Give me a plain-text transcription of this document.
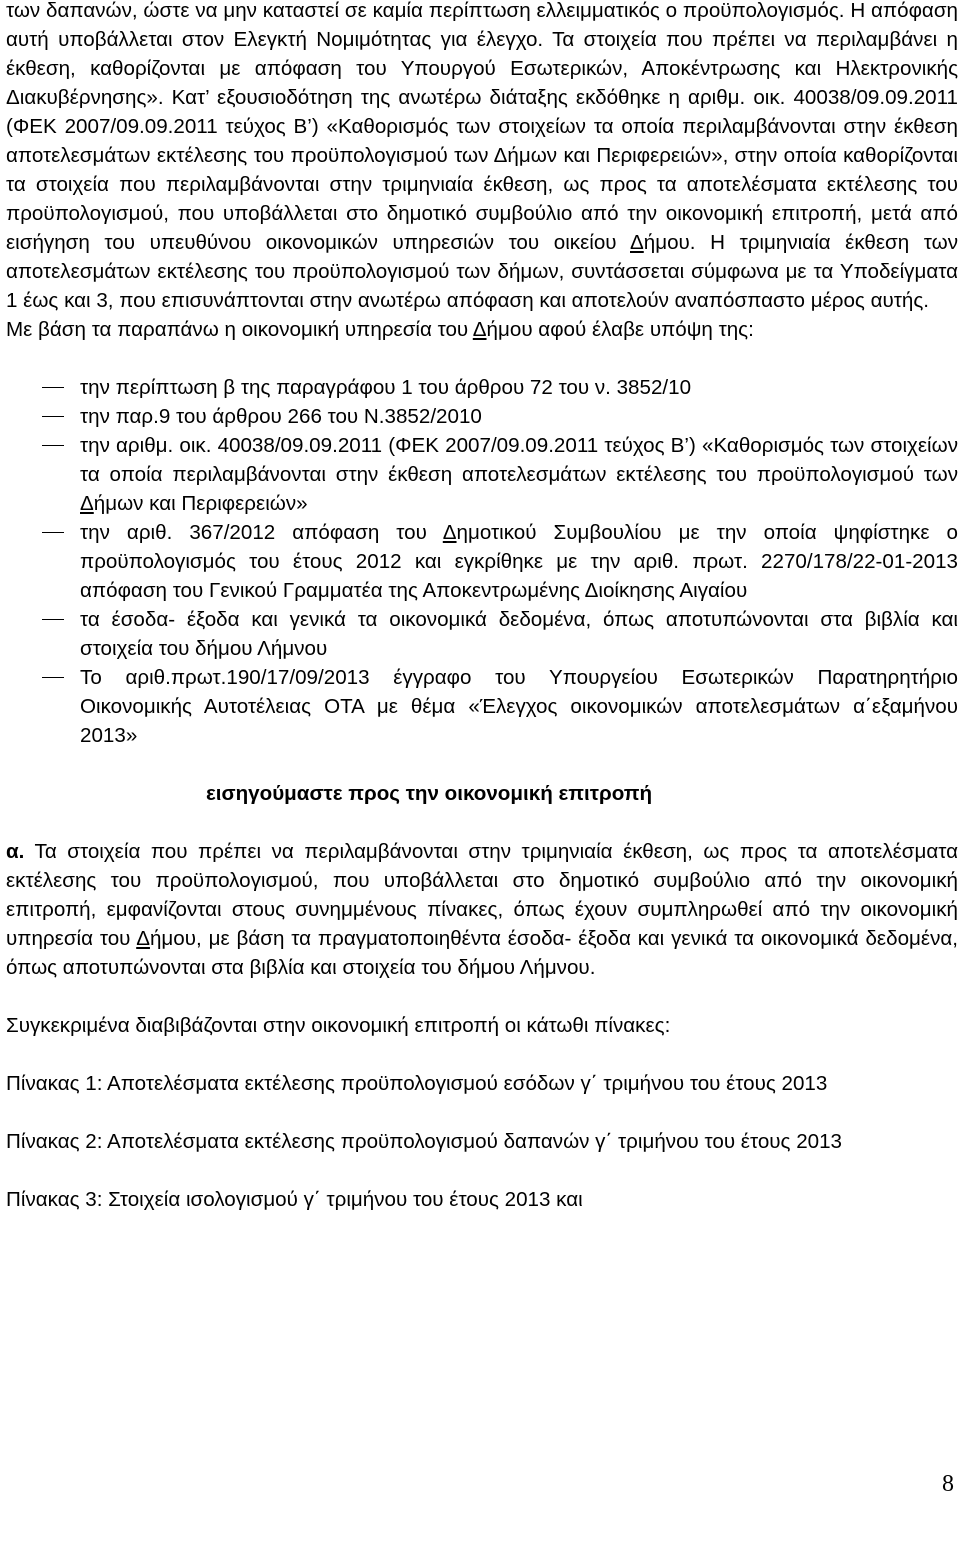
των δαπανών, ώστε να μην καταστεί σε καμία περίπτωση ελλειμματικός ο προϋπολογισμός. Η απόφαση αυτή υποβάλλεται στον Ελεγκτή Νομιμότητας για έλεγχο. Τα στοιχεία που πρέπει να περιλαμβάνει η έκθεση, καθορίζονται με απόφαση του Υπουργού Εσωτερικών, Αποκέντρωσης και Ηλεκτρονικής Διακυβέρνησης». Κατ’ εξουσιοδότηση της ανωτέρω διάταξης εκδόθηκε η αριθμ. οικ. 40038/09.09.2011 (ΦΕΚ 2007/09.09.2011 τεύχος Β’) «Καθορισμός των στοιχείων τα οποία περιλαμβάνονται στην έκθεση αποτελεσμάτων εκτέλεσης του προϋπολογισμού των Δήμων και Περιφερειών», στην οποία καθορίζονται τα στοιχεία που περιλαμβάνονται στην τριμηνιαία έκθεση, ως προς τα αποτελέσματα εκτέλεσης του προϋπολογισμού, που υποβάλλεται στο δημοτικό συμβούλιο από την οικονομική επιτροπή, μετά από εισήγηση του υπευθύνου οικονομικών υπηρεσιών του οικείου Δήμου. Η τριμηνιαία έκθεση των αποτελεσμάτων εκτέλεσης του προϋπολογισμού των δήμων, συντάσσεται σύμφωνα με τα Υποδείγματα 1 έως και 3, που επισυνάπτονται στην ανωτέρω απόφαση και αποτελούν αναπόσπαστο μέρος αυτής.

Με βάση τα παραπάνω η οικονομική υπηρεσία του Δήμου αφού έλαβε υπόψη της:

την περίπτωση β της παραγράφου 1 του άρθρου 72 του ν. 3852/10
την παρ.9 του άρθρου 266 του Ν.3852/2010
την αριθμ. οικ. 40038/09.09.2011 (ΦΕΚ 2007/09.09.2011 τεύχος Β’) «Καθορισμός των στοιχείων τα οποία περιλαμβάνονται στην έκθεση αποτελεσμάτων εκτέλεσης του προϋπολογισμού των Δήμων και Περιφερειών»
την αριθ. 367/2012 απόφαση του Δημοτικού Συμβουλίου με την οποία ψηφίστηκε ο προϋπολογισμός του έτους 2012 και εγκρίθηκε με την αριθ. πρωτ. 2270/178/22-01-2013 απόφαση του Γενικού Γραμματέα της Αποκεντρωμένης Διοίκησης Αιγαίου
τα έσοδα- έξοδα και γενικά τα οικονομικά δεδομένα, όπως αποτυπώνονται στα βιβλία και στοιχεία του δήμου Λήμνου
Το αριθ.πρωτ.190/17/09/2013 έγγραφο του Υπουργείου Εσωτερικών Παρατηρητήριο Οικονομικής Αυτοτέλειας ΟΤΑ με θέμα «Έλεγχος οικονομικών αποτελεσμάτων α΄εξαμήνου 2013»

εισηγούμαστε προς την οικονομική επιτροπή

α. Τα στοιχεία που πρέπει να περιλαμβάνονται στην τριμηνιαία έκθεση, ως προς τα αποτελέσματα εκτέλεσης του προϋπολογισμού, που υποβάλλεται στο δημοτικό συμβούλιο από την οικονομική επιτροπή, εμφανίζονται στους συνημμένους πίνακες, όπως έχουν συμπληρωθεί από την οικονομική υπηρεσία του Δήμου, με βάση τα πραγματοποιηθέντα έσοδα- έξοδα και γενικά τα οικονομικά δεδομένα, όπως αποτυπώνονται στα βιβλία και στοιχεία του δήμου Λήμνου.

Συγκεκριμένα διαβιβάζονται στην οικονομική επιτροπή οι κάτωθι πίνακες:

Πίνακας 1: Αποτελέσματα εκτέλεσης προϋπολογισμού εσόδων γ΄ τριμήνου του έτους 2013

Πίνακας 2: Αποτελέσματα εκτέλεσης προϋπολογισμού δαπανών γ΄ τριμήνου του έτους 2013

Πίνακας 3: Στοιχεία ισολογισμού γ΄ τριμήνου του έτους 2013 και

8
